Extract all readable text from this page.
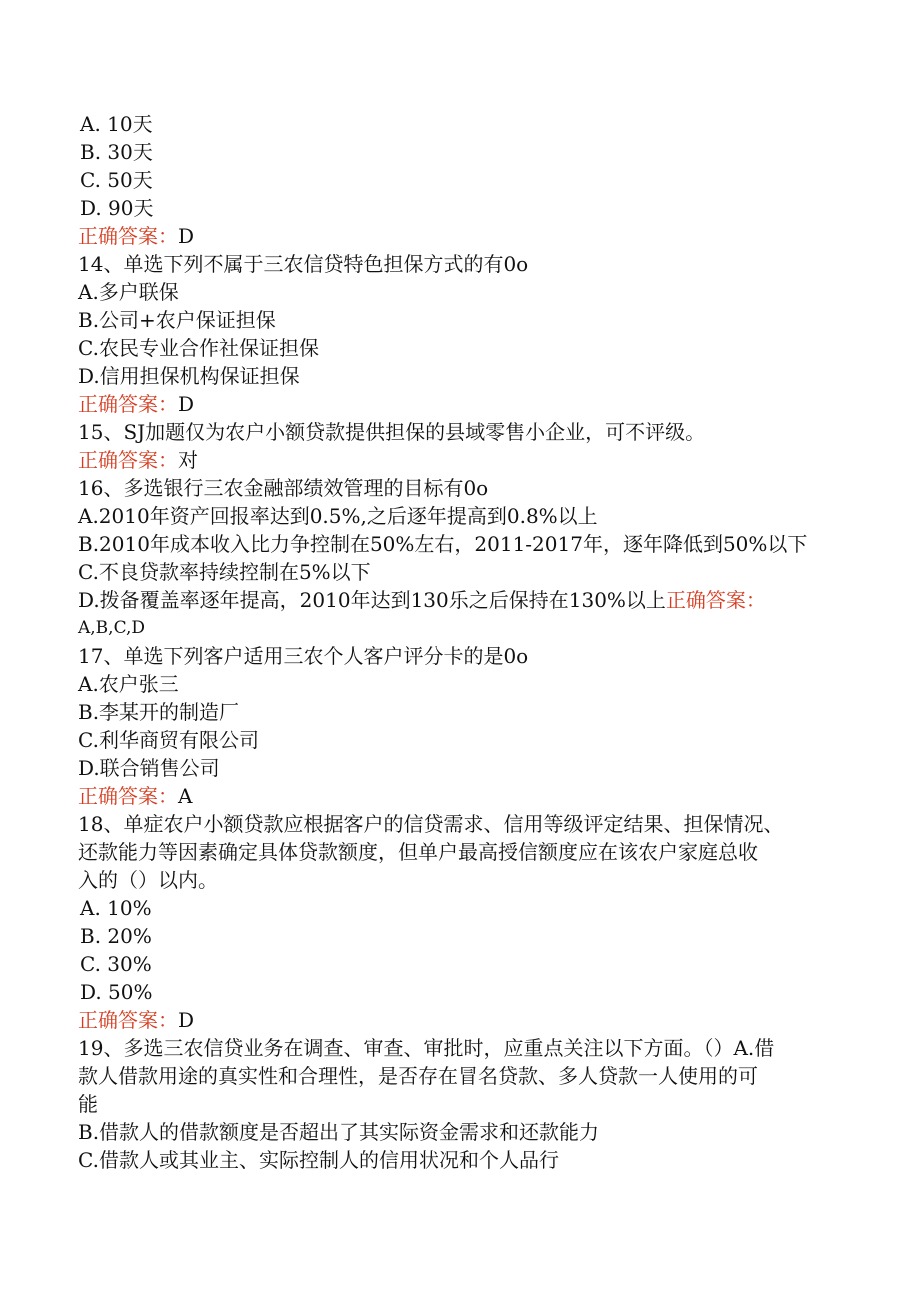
A. 10天
B. 30天
C. 50天
D. 90天
正确答案：D
14、单选下列不属于三农信贷特色担保方式的有0o
A.多户联保
B.公司+农户保证担保
C.农民专业合作社保证担保
D.信用担保机构保证担保
正确答案：D
15、SJ加题仅为农户小额贷款提供担保的县域零售小企业，可不评级。
正确答案：对
16、多选银行三农金融部绩效管理的目标有0o
A.2010年资产回报率达到0.5%,之后逐年提高到0.8%以上
B.2010年成本收入比力争控制在50%左右，2011-2017年，逐年降低到50%以下
C.不良贷款率持续控制在5%以下
D.拨备覆盖率逐年提高，2010年达到130乐之后保持在130%以上正确答案：
A,B,C,D
17、单选下列客户适用三农个人客户评分卡的是0o
A.农户张三
B.李某开的制造厂
C.利华商贸有限公司
D.联合销售公司
正确答案：A
18、单症农户小额贷款应根据客户的信贷需求、信用等级评定结果、担保情况、
还款能力等因素确定具体贷款额度，但单户最高授信额度应在该农户家庭总收
入的（）以内。
A. 10%
B. 20%
C. 30%
D. 50%
正确答案：D
19、多选三农信贷业务在调查、审查、审批时，应重点关注以下方面。（）A.借
款人借款用途的真实性和合理性，是否存在冒名贷款、多人贷款一人使用的可
能
B.借款人的借款额度是否超出了其实际资金需求和还款能力
C.借款人或其业主、实际控制人的信用状况和个人品行
